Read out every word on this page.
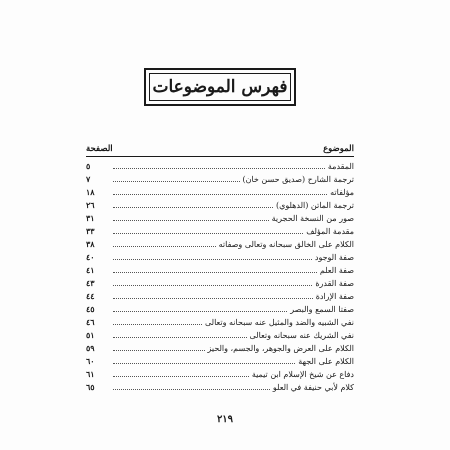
فهرس الموضوعات
الموضوع
الصفحة
المقدمة
٥
ترجمة الشارح (صديق حسن خان)
٧
مؤلفاته
١٨
ترجمة الماتن (الدهلوي)
٢٦
صور من النسخة الحجرية
٣١
مقدمة المؤلف
٣٣
الكلام على الخالق سبحانه وتعالى وصفاته
٣٨
صفة الوجود
٤٠
صفة العلم
٤١
صفة القدرة
٤٣
صفة الإرادة
٤٤
صفتا السمع والبصر
٤٥
نفي الشبيه والضد والمثيل عنه سبحانه وتعالى
٤٦
نفي الشريك عنه سبحانه وتعالى
٥١
الكلام على العرض والجوهر، والجسم، والحيز
٥٩
الكلام على الجهة
٦٠
دفاع عن شيخ الإسلام ابن تيمية
٦١
كلام لأبي حنيفة في العلو
٦٥
٢١٩
